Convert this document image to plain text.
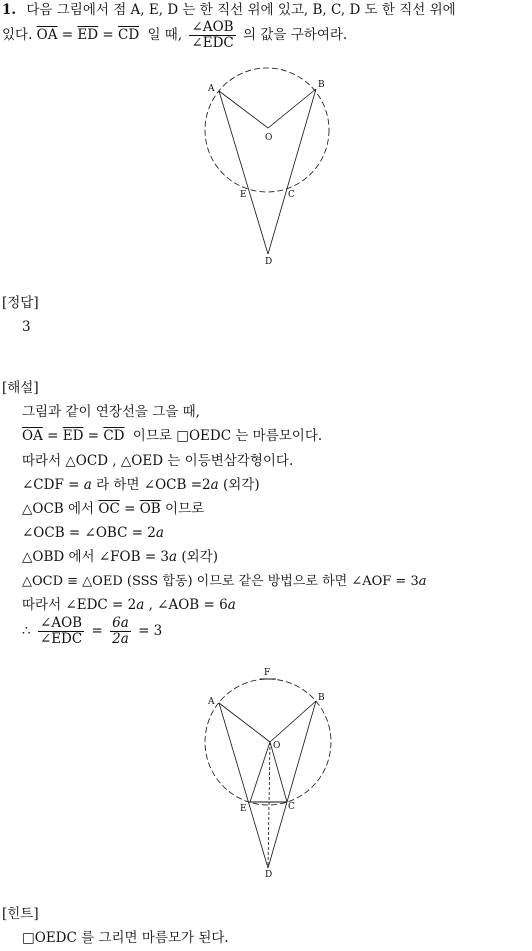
1. 다음 그림에서 점 A, E, D 는 한 직선 위에 있고, B, C, D 도 한 직선 위에
있다. $\overline{OA} = \overline{ED} = \overline{CD}$ 일 때, $\frac{\text{∠AOB}}{\text{∠EDC}}$ 의 값을 구하여라.
A	B
O
E	C
D
[정답]
3
[해설]
그림과 같이 연장선을 그을 때,
$\overline{OA} = \overline{ED} = \overline{CD}$ 이므로 □OEDC 는 마름모이다.
따라서 △OCD , △OED 는 이등변삼각형이다.
∠CDF = a 라 하면 ∠OCB =2a (외각)
△OCB 에서 $\overline{OC} = \overline{OB}$ 이므로
∠OCB = ∠OBC = 2a
△OBD 에서 ∠FOB = 3a (외각)
△OCD ≡ △OED (SSS 합동) 이므로 같은 방법으로 하면 ∠AOF = 3a
따라서 ∠EDC = 2a , ∠AOB = 6a
∴ $\frac{\text{∠AOB}}{\text{∠EDC}} = \frac{6a}{2a} = 3$
F
A	B
O
E	C
D
[힌트]
□OEDC 를 그리면 마름모가 된다.
